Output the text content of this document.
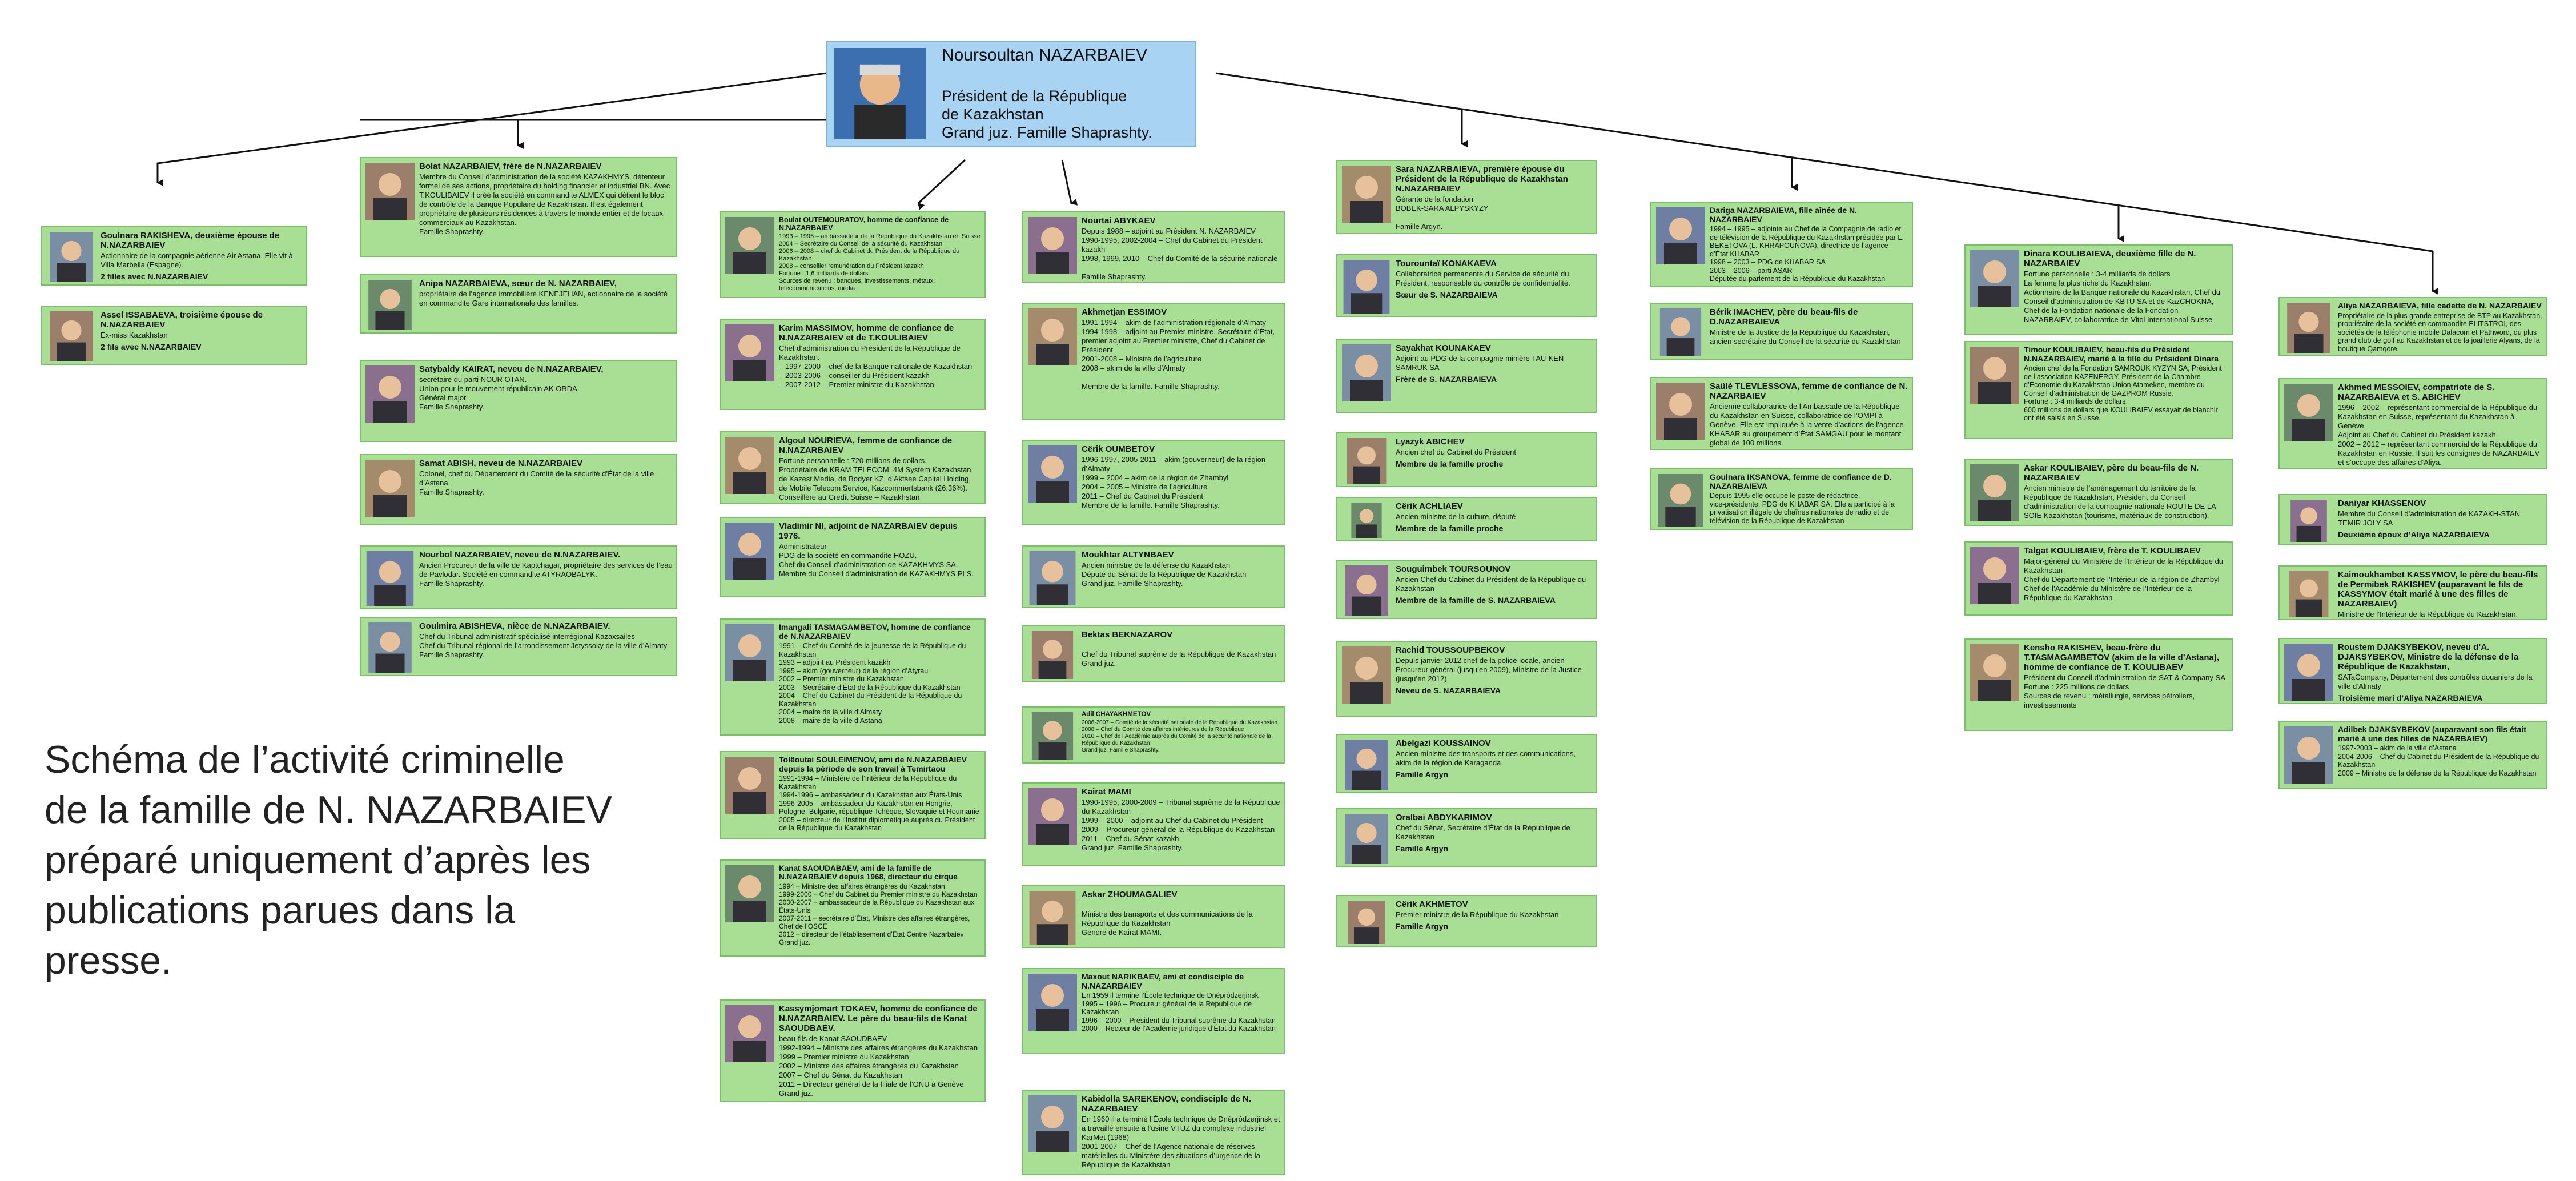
Noursoultan NAZARBAIEV
Président de la République
de Kazakhstan
Grand juz. Famille Shaprashty.
Goulnara RAKISHEVA, deuxième épouse de N.NAZARBAIEV
Actionnaire de la compagnie aérienne Air Astana. Elle vit à Villa Marbella (Espagne).
2 filles avec N.NAZARBAIEV
Assel ISSABAEVA, troisième épouse de N.NAZARBAIEV
Ex-miss Kazakhstan
2 fils avec N.NAZARBAIEV
Bolat NAZARBAIEV, frère de N.NAZARBAIEV
Membre du Conseil d’administration de la société KAZAKHMYS, détenteur formel de ses actions, propriétaire du holding financier et industriel BN. Avec T.KOULIBAIEV il créé la société en commandite ALMEX qui détient le bloc de contrôle de la Banque Populaire de Kazakhstan. Il est également propriétaire de plusieurs résidences à travers le monde entier et de locaux commerciaux au Kazakhstan.
Famille Shaprashty.
Anipa NAZARBAIEVA, sœur de N. NAZARBAIEV,
propriétaire de l’agence immobilière KENEJEHAN, actionnaire de la société en commandite Gare internationale des familles.
Satybaldy KAIRAT, neveu de N.NAZARBAIEV,
secrétaire du parti NOUR OTAN.
Union pour le mouvement républicain AK ORDA.
Général major.
Famille Shaprashty.
Samat ABISH, neveu de N.NAZARBAIEV
Colonel, chef du Département du Comité de la sécurité d’État de la ville d’Astana.
Famille Shaprashty.
Nourbol NAZARBAIEV, neveu de N.NAZARBAIEV.
Ancien Procureur de la ville de Kaptchagaï, propriétaire des services de l’eau de Pavlodar. Société en commandite ATYRAOBALYK.
Famille Shaprashty.
Goulmira ABISHEVA, nièce de N.NAZARBAIEV.
Chef du Tribunal administratif spécialisé interrégional Kazaxsailes
Chef du Tribunal régional de l’arrondissement Jetyssoky de la ville d’Almaty
Famille Shaprashty.
Boulat OUTEMOURATOV, homme de confiance de N.NAZARBAIEV
1993 – 1995 – ambassadeur de la République du Kazakhstan en Suisse
2004 – Secrétaire du Conseil de la sécurité du Kazakhstan
2006 – 2008 – chef du Cabinet du Président de la République du Kazakhstan
2008 – conseiller remunération du Président kazakh
Fortune : 1,6 milliards de dollars.
Sources de revenu : banques, investissements, métaux, télécommunications, média
Karim MASSIMOV, homme de confiance de N.NAZARBAIEV et de T.KOULIBAIEV
Chef d’administration du Président de la République de Kazakhstan.
– 1997-2000 – chef de la Banque nationale de Kazakhstan
– 2003-2006 – conseiller du Président kazakh
– 2007-2012 – Premier ministre du Kazakhstan
Algoul NOURIEVA, femme de confiance de N.NAZARBAIEV
Fortune personnelle : 720 millions de dollars.
Propriétaire de KRAM TELECOM, 4M System Kazakhstan, de Kazest Media, de Bodyer KZ, d’Aktsee Capital Holding, de Mobile Telecom Service, Kazcommertsbank (26,36%). Conseillère au Credit Suisse – Kazakhstan
Vladimir NI, adjoint de NAZARBAIEV depuis 1976.
Administrateur
PDG de la société en commandite HOZU.
Chef du Conseil d’administration de KAZAKHMYS SA.
Membre du Conseil d’administration de KAZAKHMYS PLS.
Imangali TASMAGAMBETOV, homme de confiance de N.NAZARBAIEV
1991 – Chef du Comité de la jeunesse de la République du Kazakhstan
1993 – adjoint au Président kazakh
1995 – akim (gouverneur) de la région d’Atyrau
2002 – Premier ministre du Kazakhstan
2003 – Secrétaire d’État de la République du Kazakhstan
2004 – Chef du Cabinet du Président de la République du Kazakhstan
2004 – maire de la ville d’Almaty
2008 – maire de la ville d’Astana
Tolëoutai SOULEIMENOV, ami de N.NAZARBAIEV depuis la période de son travail à Temirtaou
1991-1994 – Ministère de l’Intérieur de la République du Kazakhstan
1994-1996 – ambassadeur du Kazakhstan aux États-Unis
1996-2005 – ambassadeur du Kazakhstan en Hongrie, Pologne, Bulgarie, république Tchèque, Slovaquie et Roumanie
2005 – directeur de l’Institut diplomatique auprès du Président de la République du Kazakhstan
Kanat SAOUDABAEV, ami de la famille de N.NAZARBAIEV depuis 1968, directeur du cirque
1994 – Ministre des affaires étrangères du Kazakhstan
1999-2000 – Chef du Cabinet du Premier ministre du Kazakhstan
2000-2007 – ambassadeur de la République du Kazakhstan aux États-Unis
2007-2011 – secrétaire d’État, Ministre des affaires étrangères, Chef de l’OSCE
2012 – directeur de l’établissement d’État Centre Nazarbaiev
Grand juz.
Kassymjomart TOKAEV, homme de confiance de N.NAZARBAIEV. Le père du beau-fils de Kanat SAOUDBAEV.
beau-fils de Kanat SAOUDBAEV
1992-1994 – Ministre des affaires étrangères du Kazakhstan
1999 – Premier ministre du Kazakhstan
2002 – Ministre des affaires étrangères du Kazakhstan
2007 – Chef du Sénat du Kazakhstan
2011 – Directeur général de la filiale de l’ONU à Genève
Grand juz.
Nourtai ABYKAEV
Depuis 1988 – adjoint au Président N. NAZARBAIEV
1990-1995, 2002-2004 – Chef du Cabinet du Président kazakh
1998, 1999, 2010 – Chef du Comité de la sécurité nationale

Famille Shaprashty.
Akhmetjan ESSIMOV
1991-1994 – akim de l’administration régionale d’Almaty
1994-1998 – adjoint au Premier ministre, Secrétaire d’État, premier adjoint au Premier ministre, Chef du Cabinet de Président
2001-2008 – Ministre de l’agriculture
2008 – akim de la ville d’Almaty

Membre de la famille. Famille Shaprashty.
Cërik OUMBETOV
1996-1997, 2005-2011 – akim (gouverneur) de la région d’Almaty
1999 – 2004 – akim de la région de Zhambyl
2004 – 2005 – Ministre de l’agriculture
2011 – Chef du Cabinet du Président
Membre de la famille. Famille Shaprashty.
Moukhtar ALTYNBAEV
Ancien ministre de la défense du Kazakhstan
Député du Sénat de la République de Kazakhstan
Grand juz. Famille Shaprashty.
Bektas BEKNAZAROV

Chef du Tribunal suprême de la République de Kazakhstan
Grand juz.
Adil CHAYAKHMETOV
2006-2007 – Comité de la sécurité nationale de la République du Kazakhstan
2008 – Chef du Comité des affaires intérieures de la République
2010 – Chef de l’Académie auprès du Comité de la sécurité nationale de la République du Kazakhstan
Grand juz. Famille Shaprashty.
Kairat MAMI
1990-1995, 2000-2009 – Tribunal suprême de la République du Kazakhstan
1999 – 2000 – adjoint au Chef du Cabinet du Président
2009 – Procureur général de la République du Kazakhstan
2011 – Chef du Sénat kazakh
Grand juz. Famille Shaprashty.
Askar ZHOUMAGALIEV

Ministre des transports et des communications de la République du Kazakhstan
Gendre de Kairat MAMI.
Maxout NARIKBAEV, ami et condisciple de N.NAZARBAIEV
En 1959 il termine l’École technique de Dnépródzerjinsk
1995 – 1996 – Procureur général de la République de Kazakhstan
1996 – 2000 – Président du Tribunal suprême du Kazakhstan
2000 – Recteur de l’Académie juridique d’État du Kazakhstan
Kabidolla SAREKENOV, condisciple de N. NAZARBAIEV
En 1960 il a terminé l’École technique de Dnépródzerjinsk et a travaillé ensuite à l’usine VTUZ du complexe industriel KarMet (1968)
2001-2007 – Chef de l’Agence nationale de réserves matérielles du Ministère des situations d’urgence de la République de Kazakhstan
Sara NAZARBAIEVA, première épouse du Président de la République de Kazakhstan N.NAZARBAIEV
Gérante de la fondation
BOBEK-SARA ALPYSKYZY

Famille Argyn.
Tourountaï KONAKAEVA
Collaboratrice permanente du Service de sécurité du Président, responsable du contrôle de confidentialité.
Sœur de S. NAZARBAIEVA
Sayakhat KOUNAKAEV
Adjoint au PDG de la compagnie minière TAU-KEN SAMRUK SA
Frère de S. NAZARBAIEVA
Lyazyk ABICHEV
Ancien chef du Cabinet du Président
Membre de la famille proche
Cërik ACHLIAEV
Ancien ministre de la culture, député
Membre de la famille proche
Souguimbek TOURSOUNOV
Ancien Chef du Cabinet du Président de la République du Kazakhstan
Membre de la famille de S. NAZARBAIEVA
Rachid TOUSSOUPBEKOV
Depuis janvier 2012 chef de la police locale, ancien Procureur général (jusqu’en 2009), Ministre de la Justice (jusqu’en 2012)
Neveu de S. NAZARBAIEVA
Abelgazi KOUSSAINOV
Ancien ministre des transports et des communications, akim de la région de Karaganda
Famille Argyn
Oralbai ABDYKARIMOV
Chef du Sénat, Secrétaire d’État de la République de Kazakhstan
Famille Argyn
Cërik AKHMETOV
Premier ministre de la République du Kazakhstan
Famille Argyn
Dariga NAZARBAIEVA, fille aînée de N. NAZARBAIEV
1994 – 1995 – adjointe au Chef de la Compagnie de radio et de télévision de la République du Kazakhstan présidée par L. BEKETOVA (L. KHRAPOUNOVA), directrice de l’agence d’État KHABAR
1998 – 2003 – PDG de KHABAR SA
2003 – 2006 – parti ASAR
Députée du parlement de la République du Kazakhstan
Bérik IMACHEV, père du beau-fils de D.NAZARBAIEVA
Ministre de la Justice de la République du Kazakhstan, ancien secrétaire du Conseil de la sécurité du Kazakhstan
Saülé TLEVLESSOVA, femme de confiance de N. NAZARBAIEV
Ancienne collaboratrice de l’Ambassade de la République du Kazakhstan en Suisse, collaboratrice de l’OMPI à Genève. Elle est impliquée à la vente d’actions de l’agence KHABAR au groupement d’État SAMGAU pour le montant global de 100 millions.
Goulnara IKSANOVA, femme de confiance de D. NAZARBAIEVA
Depuis 1995 elle occupe le poste de rédactrice,
vice-présidente, PDG de KHABAR SA. Elle a participé à la privatisation illégale de chaînes nationales de radio et de télévision de la République de Kazakhstan
Dinara KOULIBAIEVA, deuxième fille de N. NAZARBAIEV
Fortune personnelle : 3-4 milliards de dollars
La femme la plus riche du Kazakhstan.
Actionnaire de la Banque nationale du Kazakhstan, Chef du Conseil d’administration de KBTU SA et de KazCHOKNA, Chef de la Fondation nationale de la Fondation NAZARBAIEV, collaboratrice de Vitol International Suisse
Timour KOULIBAIEV, beau-fils du Président N.NAZARBAIEV, marié à la fille du Président Dinara
Ancien chef de la Fondation SAMROUK KYZYN SA, Président de l’association KAZENERGY, Président de la Chambre d’Économie du Kazakhstan Union Atameken, membre du Conseil d’administration de GAZPROM Russie.
Fortune : 3-4 milliards de dollars.
600 millions de dollars que KOULIBAIEV essayait de blanchir ont été saisis en Suisse.
Askar KOULIBAIEV, père du beau-fils de N. NAZARBAIEV
Ancien ministre de l’aménagement du territoire de la République de Kazakhstan, Président du Conseil d’administration de la compagnie nationale ROUTE DE LA SOIE Kazakhstan (tourisme, matériaux de construction).
Talgat KOULIBAIEV, frère de T. KOULIBAEV
Major-général du Ministère de l’Intérieur de la République du Kazakhstan
Chef du Département de l’Intérieur de la région de Zhambyl
Chef de l’Académie du Ministère de l’Intérieur de la République du Kazakhstan
Kensho RAKISHEV, beau-frère du T.TASMAGAMBETOV (akim de la ville d’Astana), homme de confiance de T. KOULIBAEV
Président du Conseil d’administration de SAT & Company SA
Fortune : 225 millions de dollars
Sources de revenu : métallurgie, services pétroliers, investissements
Aliya NAZARBAIEVA, fille cadette de N. NAZARBAIEV
Propriétaire de la plus grande entreprise de BTP au Kazakhstan, propriétaire de la société en commandite ELITSTROI, des sociétés de la téléphonie mobile Dalacom et Pathword, du plus grand club de golf au Kazakhstan et de la joaillerie Alyans, de la boutique Qamqore.
Akhmed MESSOIEV, compatriote de S. NAZARBAIEVA et S. ABICHEV
1996 – 2002 – représentant commercial de la République du Kazakhstan en Suisse, représentant du Kazakhstan à Genève.
Adjoint au Chef du Cabinet du Président kazakh
2002 – 2012 – représentant commercial de la République du Kazakhstan en Russie. Il suit les consignes de NAZARBAIEV et s’occupe des affaires d’Aliya.
Daniyar KHASSENOV
Membre du Conseil d’administration de KAZAKH-STAN TEMIR JOLY SA
Deuxième époux d’Aliya NAZARBAIEVA
Kaimoukhambet KASSYMOV, le père du beau-fils de Permibek RAKISHEV (auparavant le fils de KASSYMOV était marié à une des filles de NAZARBAIEV)
Ministre de l’Intérieur de la République du Kazakhstan.
Roustem DJAKSYBEKOV, neveu d’A. DJAKSYBEKOV, Ministre de la défense de la République de Kazakhstan,
SATaCompany, Département des contrôles douaniers de la ville d’Almaty
Troisième mari d’Aliya NAZARBAIEVA
Adilbek DJAKSYBEKOV (auparavant son fils était marié à une des filles de NAZARBAIEV)
1997-2003 – akim de la ville d’Astana
2004-2006 – Chef du Cabinet du Président de la République du Kazakhstan
2009 – Ministre de la défense de la République de Kazakhstan
Schéma de l’activité criminelle
de la famille de N. NAZARBAIEV
préparé uniquement d’après les
publications parues dans la
presse.
